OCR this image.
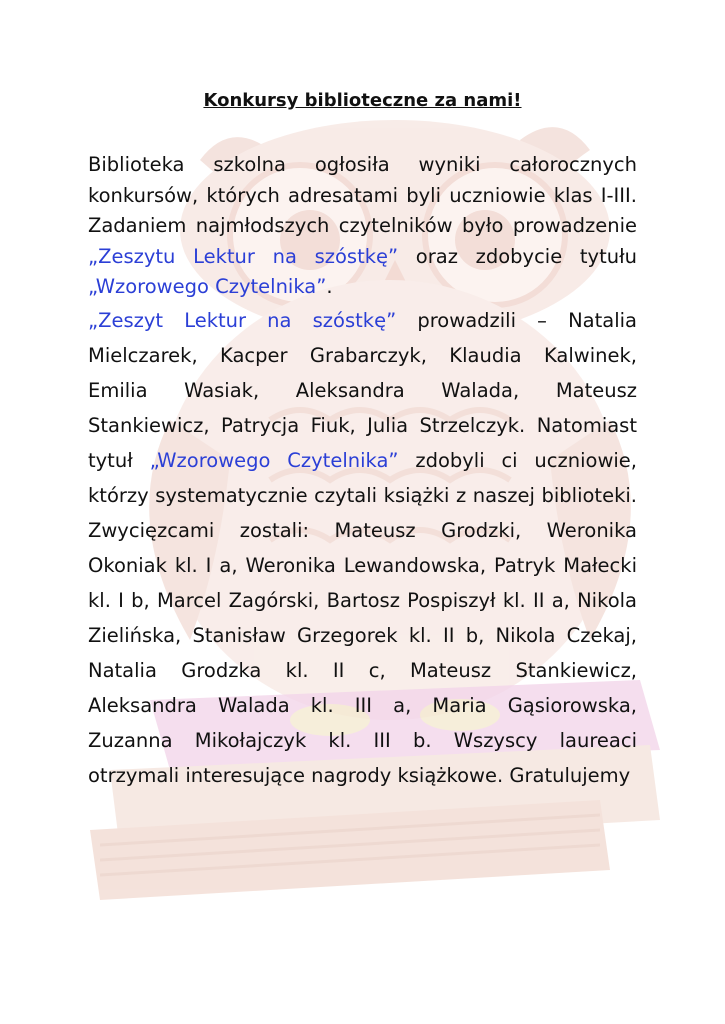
Konkursy biblioteczne za nami!

Biblioteka szkolna ogłosiła wyniki całorocznych konkursów, których adresatami byli uczniowie klas I-III. Zadaniem najmłodszych czytelników było prowadzenie „Zeszytu Lektur na szóstkę” oraz zdobycie tytułu „Wzorowego Czytelnika”.

„Zeszyt Lektur na szóstkę” prowadzili – Natalia Mielczarek, Kacper Grabarczyk, Klaudia Kalwinek, Emilia Wasiak, Aleksandra Walada, Mateusz Stankiewicz, Patrycja Fiuk, Julia Strzelczyk. Natomiast tytuł „Wzorowego Czytelnika” zdobyli ci uczniowie, którzy systematycznie czytali książki z naszej biblioteki. Zwycięzcami zostali: Mateusz Grodzki, Weronika Okoniak kl. I a, Weronika Lewandowska, Patryk Małecki kl. I b, Marcel Zagórski, Bartosz Pospiszył kl. II a, Nikola Zielińska, Stanisław Grzegorek kl. II b, Nikola Czekaj, Natalia Grodzka kl. II c, Mateusz Stankiewicz, Aleksandra Walada kl. III a, Maria Gąsiorowska, Zuzanna Mikołajczyk kl. III b. Wszyscy laureaci otrzymali interesujące nagrody książkowe. Gratulujemy
